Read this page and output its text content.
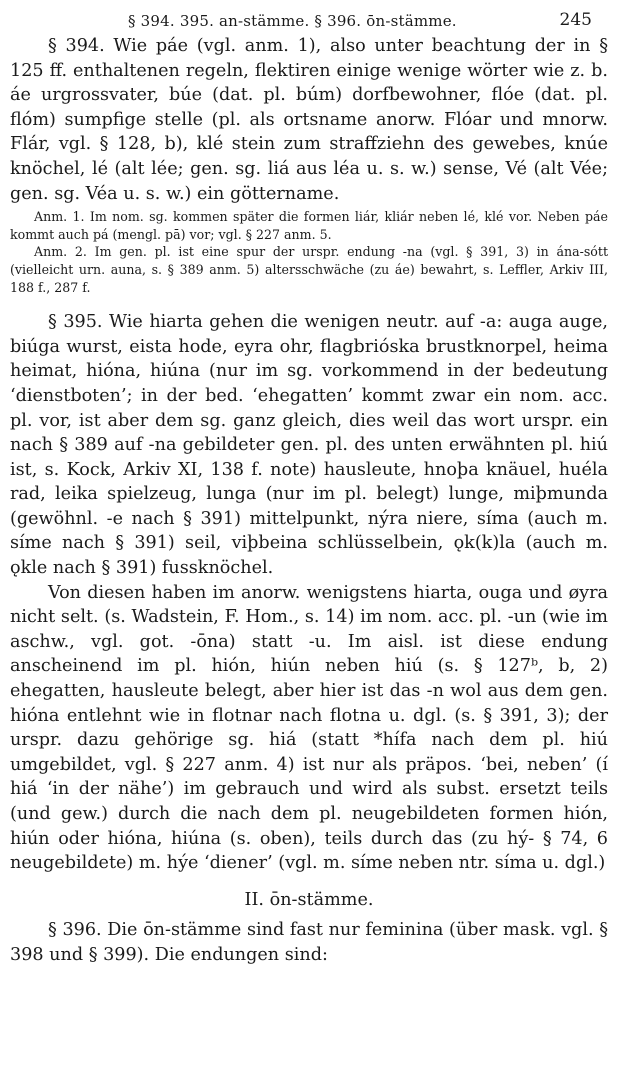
§ 394. 395. an-stämme. § 396. ōn-stämme.	245

§ 394. Wie páe (vgl. anm. 1), also unter beachtung der in § 125 ff. enthaltenen regeln, flektiren einige wenige wörter wie z. b. áe urgrossvater, búe (dat. pl. búm) dorfbewohner, flóe (dat. pl. flóm) sumpfige stelle (pl. als ortsname anorw. Flóar und mnorw. Flár, vgl. § 128, b), klé stein zum straffziehn des gewebes, knúe knöchel, lé (alt lée; gen. sg. liá aus léa u. s. w.) sense, Vé (alt Vée; gen. sg. Véa u. s. w.) ein göttername.

Anm. 1. Im nom. sg. kommen später die formen liár, kliár neben lé, klé vor. Neben páe kommt auch pá (mengl. pā) vor; vgl. § 227 anm. 5.

Anm. 2. Im gen. pl. ist eine spur der urspr. endung -na (vgl. § 391, 3) in ána-sótt (vielleicht urn. auna, s. § 389 anm. 5) altersschwäche (zu áe) bewahrt, s. Leffler, Arkiv III, 188 f., 287 f.

§ 395. Wie hiarta gehen die wenigen neutr. auf -a: auga auge, biúga wurst, eista hode, eyra ohr, flagbrióska brustknorpel, heima heimat, hióna, hiúna (nur im sg. vorkommend in der bedeutung ‘dienstboten’; in der bed. ‘ehegatten’ kommt zwar ein nom. acc. pl. vor, ist aber dem sg. ganz gleich, dies weil das wort urspr. ein nach § 389 auf -na gebildeter gen. pl. des unten erwähnten pl. hiú ist, s. Kock, Arkiv XI, 138 f. note) hausleute, hnoþa knäuel, huéla rad, leika spielzeug, lunga (nur im pl. belegt) lunge, miþmunda (gewöhnl. -e nach § 391) mittelpunkt, nýra niere, síma (auch m. síme nach § 391) seil, viþbeina schlüsselbein, ǫk(k)la (auch m. ǫkle nach § 391) fussknöchel.

Von diesen haben im anorw. wenigstens hiarta, ouga und øyra nicht selt. (s. Wadstein, F. Hom., s. 14) im nom. acc. pl. -un (wie im aschw., vgl. got. -ōna) statt -u. Im aisl. ist diese endung anscheinend im pl. hión, hiún neben hiú (s. § 127ᵇ, b, 2) ehegatten, hausleute belegt, aber hier ist das -n wol aus dem gen. hióna entlehnt wie in flotnar nach flotna u. dgl. (s. § 391, 3); der urspr. dazu gehörige sg. hiá (statt *hífa nach dem pl. hiú umgebildet, vgl. § 227 anm. 4) ist nur als präpos. ‘bei, neben’ (í hiá ‘in der nähe’) im gebrauch und wird als subst. ersetzt teils (und gew.) durch die nach dem pl. neugebildeten formen hión, hiún oder hióna, hiúna (s. oben), teils durch das (zu hý- § 74, 6 neugebildete) m. hýe ‘diener’ (vgl. m. síme neben ntr. síma u. dgl.)

II. ōn-stämme.

§ 396. Die ōn-stämme sind fast nur feminina (über mask. vgl. § 398 und § 399). Die endungen sind:
